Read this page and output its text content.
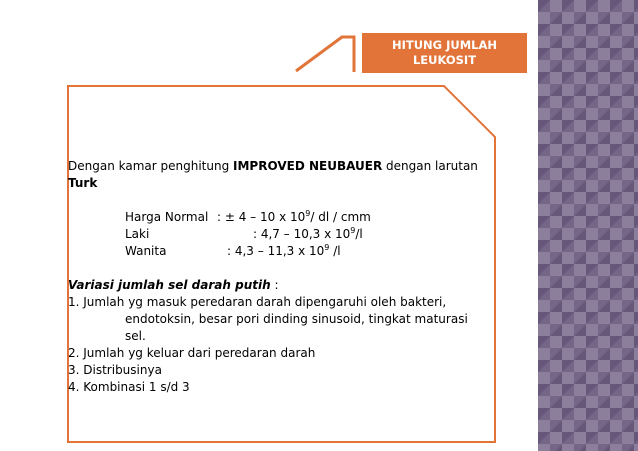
HITUNG JUMLAH
LEUKOSIT

Dengan kamar penghitung IMPROVED NEUBAUER dengan larutan
Turk

Harga Normal : ± 4 – 10 x $10^9/$ dl / cmm
Laki	: 4,7 – 10,3 x $10^9/l$
Wanita	: 4,3 – 11,3 x $10^9$ /l

Variasi jumlah sel darah putih :

1. Jumlah yg masuk peredaran darah dipengaruhi oleh bakteri,

endotoksin, besar pori dinding sinusoid, tingkat maturasi

sel.

2. Jumlah yg keluar dari peredaran darah

3. Distribusinya

4. Kombinasi 1 s/d 3
